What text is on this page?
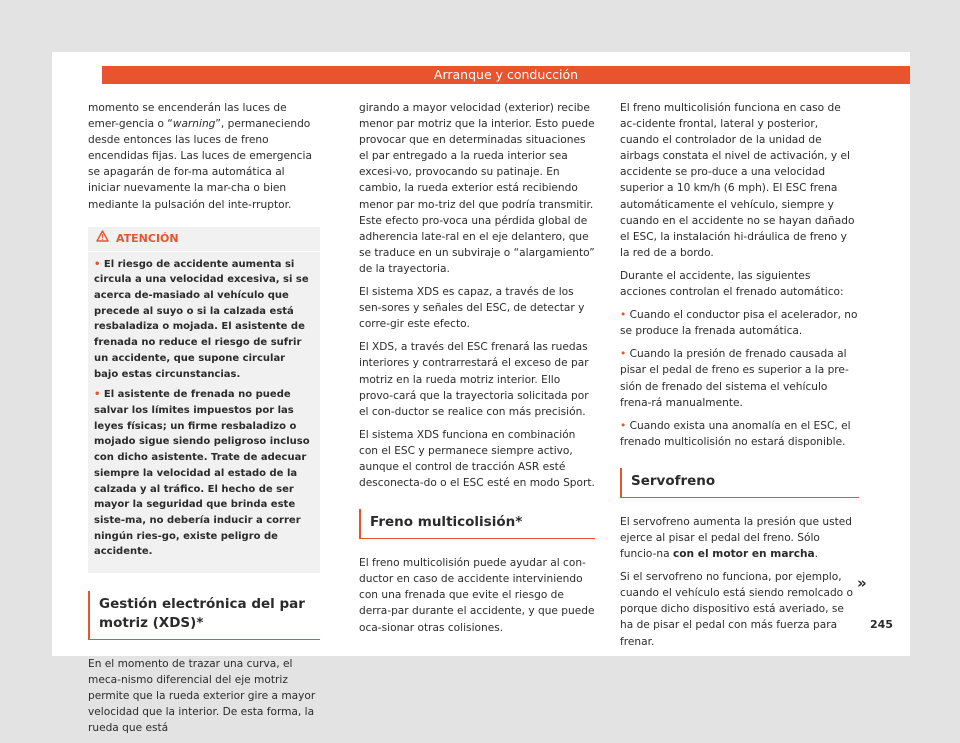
Arranque y conducción

momento se encenderán las luces de emer-gencia o “warning”, permaneciendo desde entonces las luces de freno encendidas fijas. Las luces de emergencia se apagarán de for-ma automática al iniciar nuevamente la mar-cha o bien mediante la pulsación del inte-rruptor.

ATENCIÓN
• El riesgo de accidente aumenta si circula a una velocidad excesiva, si se acerca de-masiado al vehículo que precede al suyo o si la calzada está resbaladiza o mojada. El asistente de frenada no reduce el riesgo de sufrir un accidente, que supone circular bajo estas circunstancias.
• El asistente de frenada no puede salvar los límites impuestos por las leyes físicas; un firme resbaladizo o mojado sigue siendo peligroso incluso con dicho asistente. Trate de adecuar siempre la velocidad al estado de la calzada y al tráfico. El hecho de ser mayor la seguridad que brinda este siste-ma, no debería inducir a correr ningún ries-go, existe peligro de accidente.
Gestión electrónica del par motriz (XDS)*

En el momento de trazar una curva, el meca-nismo diferencial del eje motriz permite que la rueda exterior gire a mayor velocidad que la interior. De esta forma, la rueda que está

girando a mayor velocidad (exterior) recibe menor par motriz que la interior. Esto puede provocar que en determinadas situaciones el par entregado a la rueda interior sea excesi-vo, provocando su patinaje. En cambio, la rueda exterior está recibiendo menor par mo-triz del que podría transmitir. Este efecto pro-voca una pérdida global de adherencia late-ral en el eje delantero, que se traduce en un subviraje o “alargamiento” de la trayectoria.

El sistema XDS es capaz, a través de los sen-sores y señales del ESC, de detectar y corre-gir este efecto.

El XDS, a través del ESC frenará las ruedas interiores y contrarrestará el exceso de par motriz en la rueda motriz interior. Ello provo-cará que la trayectoria solicitada por el con-ductor se realice con más precisión.

El sistema XDS funciona en combinación con el ESC y permanece siempre activo, aunque el control de tracción ASR esté desconecta-do o el ESC esté en modo Sport.

Freno multicolisión*

El freno multicolisión puede ayudar al con-ductor en caso de accidente interviniendo con una frenada que evite el riesgo de derra-par durante el accidente, y que puede oca-sionar otras colisiones.

El freno multicolisión funciona en caso de ac-cidente frontal, lateral y posterior, cuando el controlador de la unidad de airbags constata el nivel de activación, y el accidente se pro-duce a una velocidad superior a 10 km/h (6 mph). El ESC frena automáticamente el vehículo, siempre y cuando en el accidente no se hayan dañado el ESC, la instalación hi-dráulica de freno y la red de a bordo.

Durante el accidente, las siguientes acciones controlan el frenado automático:

• Cuando el conductor pisa el acelerador, no se produce la frenada automática.

• Cuando la presión de frenado causada al pisar el pedal de freno es superior a la pre-sión de frenado del sistema el vehículo frena-rá manualmente.

• Cuando exista una anomalía en el ESC, el frenado multicolisión no estará disponible.

Servofreno

El servofreno aumenta la presión que usted ejerce al pisar el pedal del freno. Sólo funcio-na con el motor en marcha.

Si el servofreno no funciona, por ejemplo, cuando el vehículo está siendo remolcado o porque dicho dispositivo está averiado, se ha de pisar el pedal con más fuerza para frenar.

»
245
